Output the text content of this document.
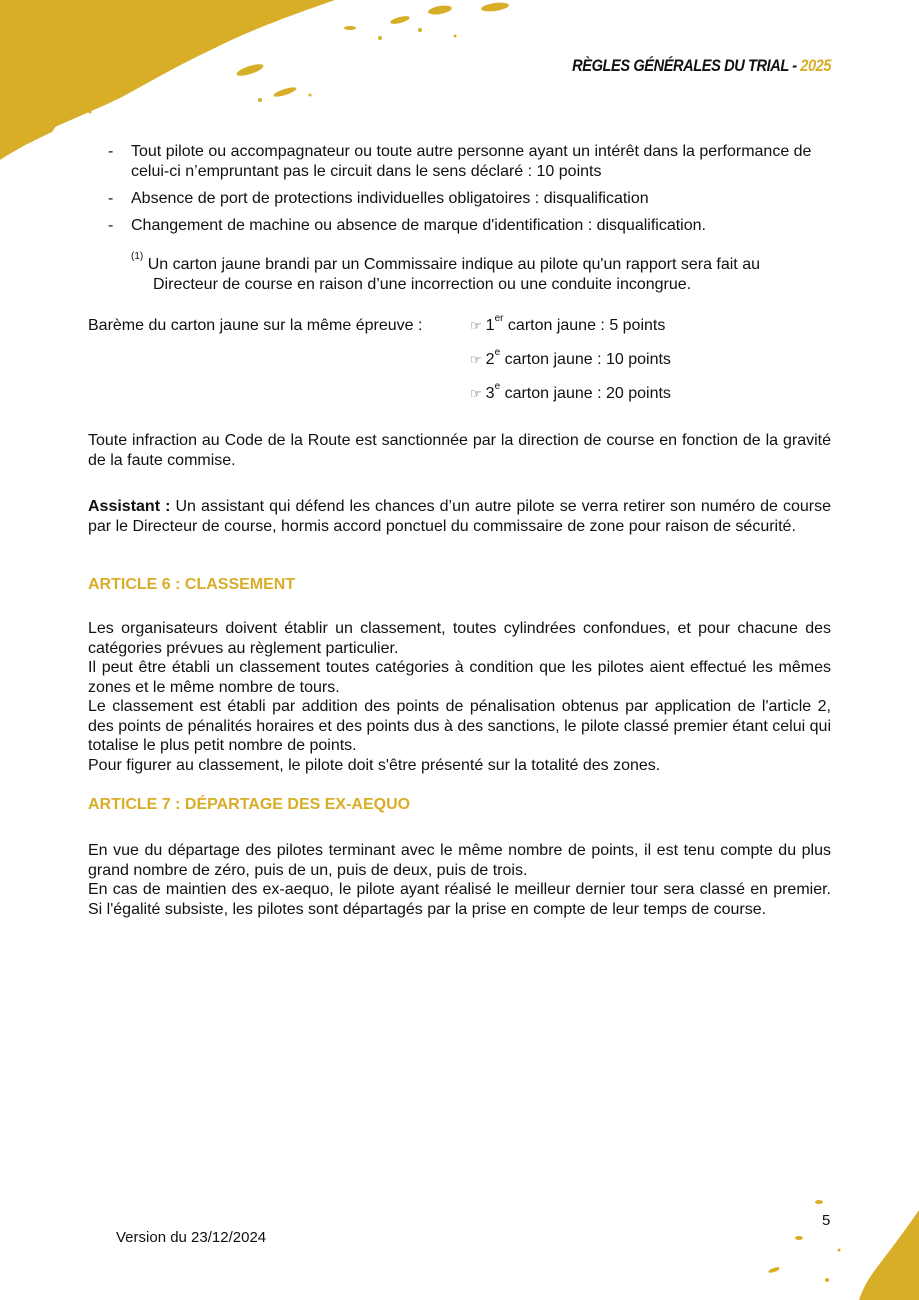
RÈGLES GÉNÉRALES DU TRIAL - 2025
-	Tout pilote ou accompagnateur ou toute autre personne ayant un intérêt dans la performance de celui-ci n’empruntant pas le circuit dans le sens déclaré : 10 points
-	Absence de port de protections individuelles obligatoires : disqualification
-	Changement de machine ou absence de marque d'identification : disqualification.
$^{(1)}$ Un carton jaune brandi par un Commissaire indique au pilote qu'un rapport sera fait au
Directeur de course en raison d’une incorrection ou une conduite incongrue.
Barème du carton jaune sur la même épreuve :	☞ 1er carton jaune : 5 points
☞ 2e carton jaune : 10 points
☞ 3e carton jaune : 20 points
Toute infraction au Code de la Route est sanctionnée par la direction de course en fonction de la gravité de la faute commise.
Assistant : Un assistant qui défend les chances d’un autre pilote se verra retirer son numéro de course par le Directeur de course, hormis accord ponctuel du commissaire de zone pour raison de sécurité.
ARTICLE 6 : CLASSEMENT
Les organisateurs doivent établir un classement, toutes cylindrées confondues, et pour chacune des catégories prévues au règlement particulier.
Il peut être établi un classement toutes catégories à condition que les pilotes aient effectué les mêmes zones et le même nombre de tours.
Le classement est établi par addition des points de pénalisation obtenus par application de l'article 2, des points de pénalités horaires et des points dus à des sanctions, le pilote classé premier étant celui qui totalise le plus petit nombre de points.
Pour figurer au classement, le pilote doit s'être présenté sur la totalité des zones.
ARTICLE 7 : DÉPARTAGE DES EX-AEQUO
En vue du départage des pilotes terminant avec le même nombre de points, il est tenu compte du plus grand nombre de zéro, puis de un, puis de deux, puis de trois.
En cas de maintien des ex-aequo, le pilote ayant réalisé le meilleur dernier tour sera classé en premier. Si l'égalité subsiste, les pilotes sont départagés par la prise en compte de leur temps de course.
Version du 23/12/2024
5
